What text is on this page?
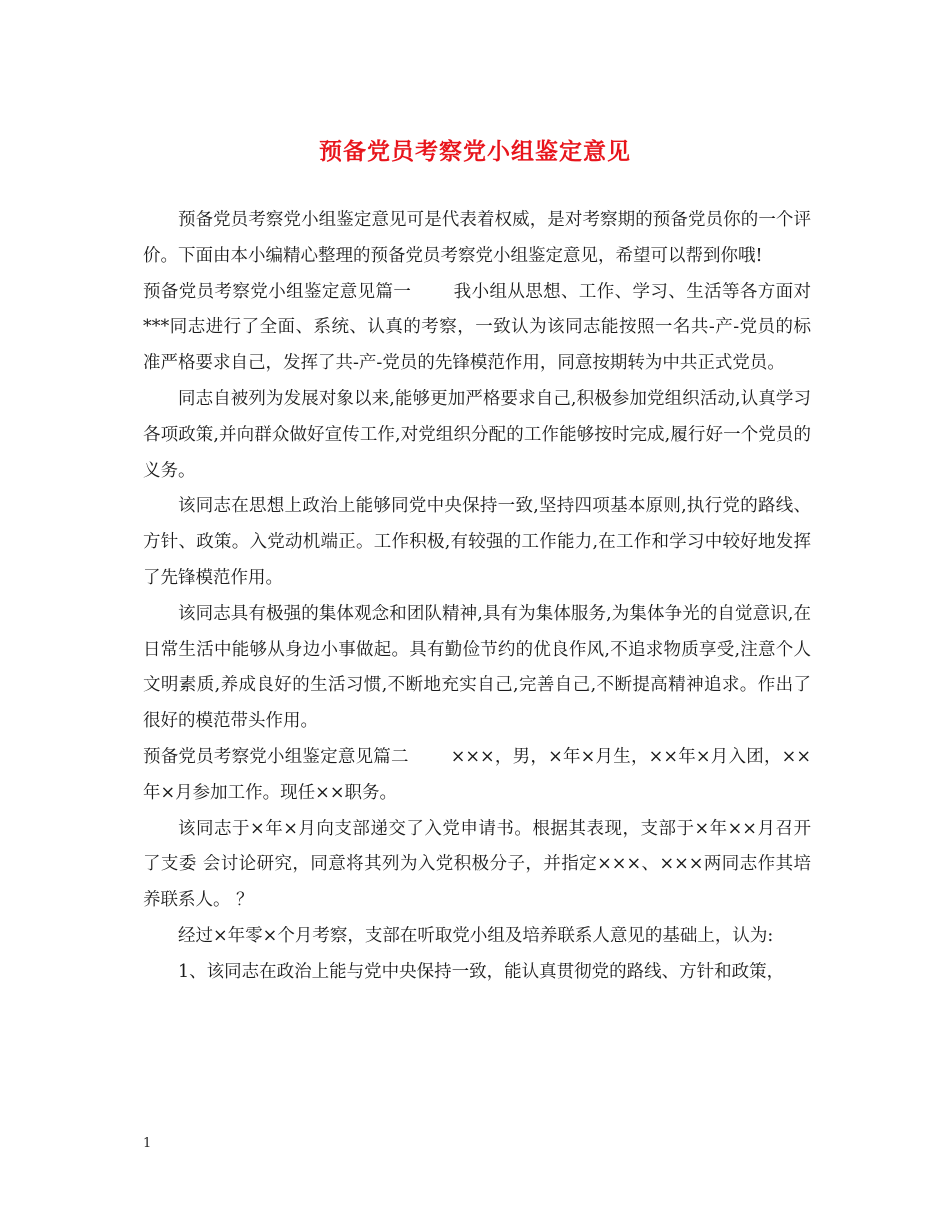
预备党员考察党小组鉴定意见

预备党员考察党小组鉴定意见可是代表着权威，是对考察期的预备党员你的一个评价。下面由本小编精心整理的预备党员考察党小组鉴定意见，希望可以帮到你哦!

预备党员考察党小组鉴定意见篇一 我小组从思想、工作、学习、生活等各方面对***同志进行了全面、系统、认真的考察，一致认为该同志能按照一名共-产-党员的标准严格要求自己，发挥了共-产-党员的先锋模范作用，同意按期转为中共正式党员。

同志自被列为发展对象以来,能够更加严格要求自己,积极参加党组织活动,认真学习各项政策,并向群众做好宣传工作,对党组织分配的工作能够按时完成,履行好一个党员的义务。

该同志在思想上政治上能够同党中央保持一致,坚持四项基本原则,执行党的路线、方针、政策。入党动机端正。工作积极,有较强的工作能力,在工作和学习中较好地发挥了先锋模范作用。

该同志具有极强的集体观念和团队精神,具有为集体服务,为集体争光的自觉意识,在日常生活中能够从身边小事做起。具有勤俭节约的优良作风,不追求物质享受,注意个人文明素质,养成良好的生活习惯,不断地充实自己,完善自己,不断提高精神追求。作出了很好的模范带头作用。

预备党员考察党小组鉴定意见篇二 ×××，男，×年×月生，××年×月入团，××年×月参加工作。现任××职务。

该同志于×年×月向支部递交了入党申请书。根据其表现，支部于×年××月召开了支委 会讨论研究，同意将其列为入党积极分子，并指定×××、×××两同志作其培养联系人。 ？

经过×年零×个月考察，支部在听取党小组及培养联系人意见的基础上，认为:

1、该同志在政治上能与党中央保持一致，能认真贯彻党的路线、方针和政策，

1
